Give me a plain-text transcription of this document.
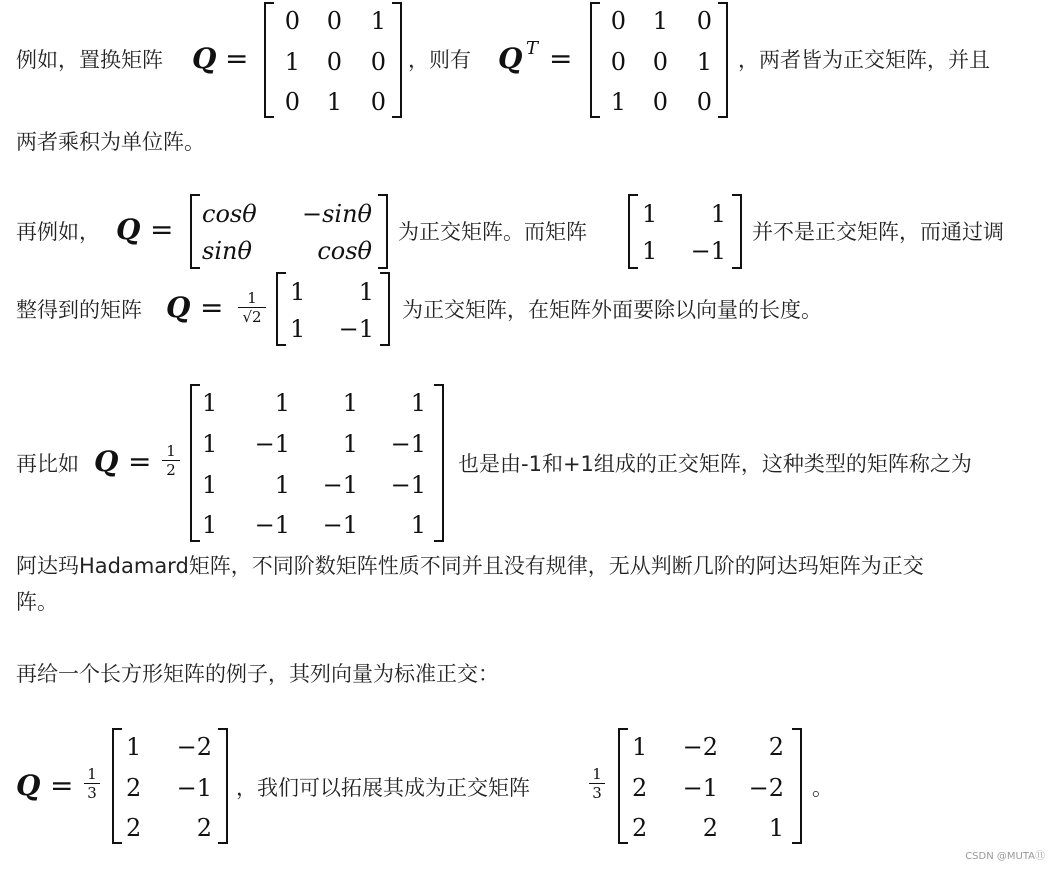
例如，置换矩阵 Q =
0 0 1
1 0 0
0 1 0
，则有 Q T =
0 1 0
0 0 1
1 0 0
，两者皆为正交矩阵，并且
两者乘积为单位阵。
再例如， Q = cosθ	−sinθ
sinθ	cosθ
为正交矩阵。而矩阵
1	1
1 −1
并不是正交矩阵，而通过调
整得到的矩阵 Q =	1
√2
1	1
1 −1
为正交矩阵，在矩阵外面要除以向量的长度。
再比如 Q = 1
2
1	1	1	1
1 −1	1 −1
1	1 −1 −1
1 −1 −1	1
也是由-1和+1组成的正交矩阵，这种类型的矩阵称之为
阿达玛Hadamard矩阵，不同阶数矩阵性质不同并且没有规律，无从判断几阶的阿达玛矩阵为正交
阵。
再给一个长方形矩阵的例子，其列向量为标准正交：
Q = 1
3
1 −2
2 −1
2	2
，我们可以拓展其成为正交矩阵
1
3
1 −2	2
2 −1 −2
2	2	1
。
CSDN @MUTA⑪
